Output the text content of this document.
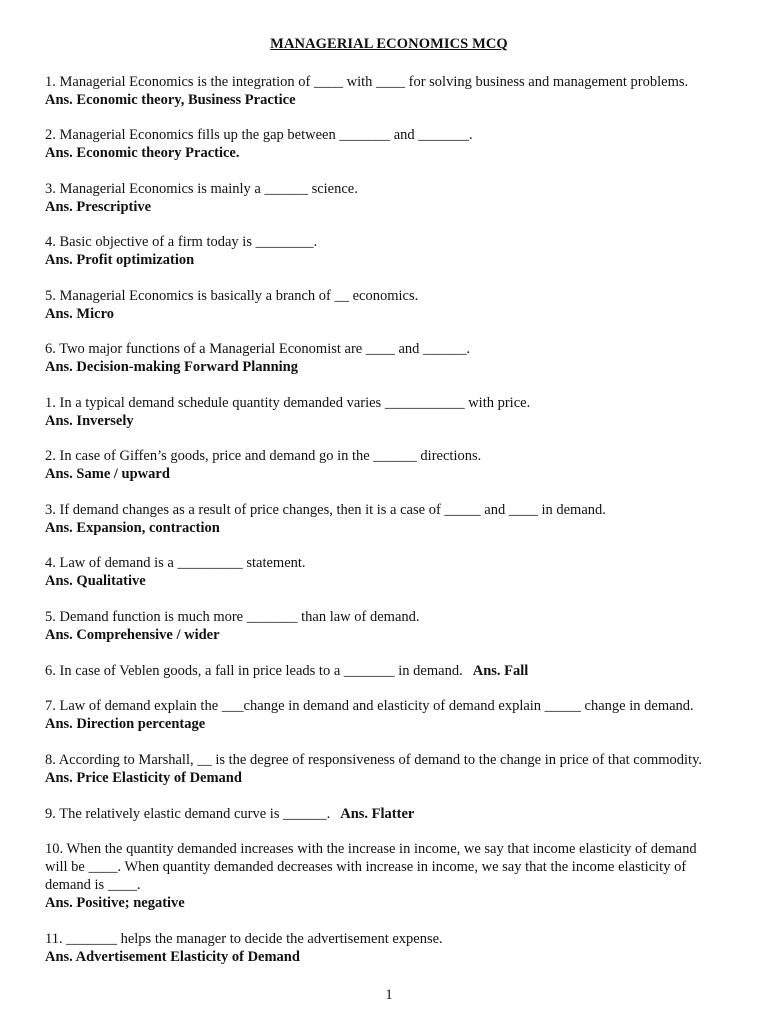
MANAGERIAL ECONOMICS MCQ
1. Managerial Economics is the integration of ____ with ____ for solving business and management problems.
Ans. Economic theory, Business Practice
2. Managerial Economics fills up the gap between _______ and _______.
Ans. Economic theory Practice.
3. Managerial Economics is mainly a ______ science.
Ans. Prescriptive
4. Basic objective of a firm today is ________.
Ans. Profit optimization
5. Managerial Economics is basically a branch of __ economics.
Ans. Micro
6. Two major functions of a Managerial Economist are ____ and ______.
Ans. Decision-making Forward Planning
1. In a typical demand schedule quantity demanded varies ___________ with price.
Ans. Inversely
2. In case of Giffen’s goods, price and demand go in the ______ directions.
Ans. Same / upward
3. If demand changes as a result of price changes, then it is a case of _____ and ____ in demand.
Ans. Expansion, contraction
4. Law of demand is a _________ statement.
Ans. Qualitative
5. Demand function is much more _______ than law of demand.
Ans. Comprehensive / wider
6. In case of Veblen goods, a fall in price leads to a _______ in demand. Ans. Fall
7. Law of demand explain the ___change in demand and elasticity of demand explain _____ change in demand.
Ans. Direction percentage
8. According to Marshall, __ is the degree of responsiveness of demand to the change in price of that commodity.
Ans. Price Elasticity of Demand
9. The relatively elastic demand curve is ______. Ans. Flatter
10. When the quantity demanded increases with the increase in income, we say that income elasticity of demand will be ____. When quantity demanded decreases with increase in income, we say that the income elasticity of demand is ____.
Ans. Positive; negative
11. _______ helps the manager to decide the advertisement expense.
Ans. Advertisement Elasticity of Demand
1
